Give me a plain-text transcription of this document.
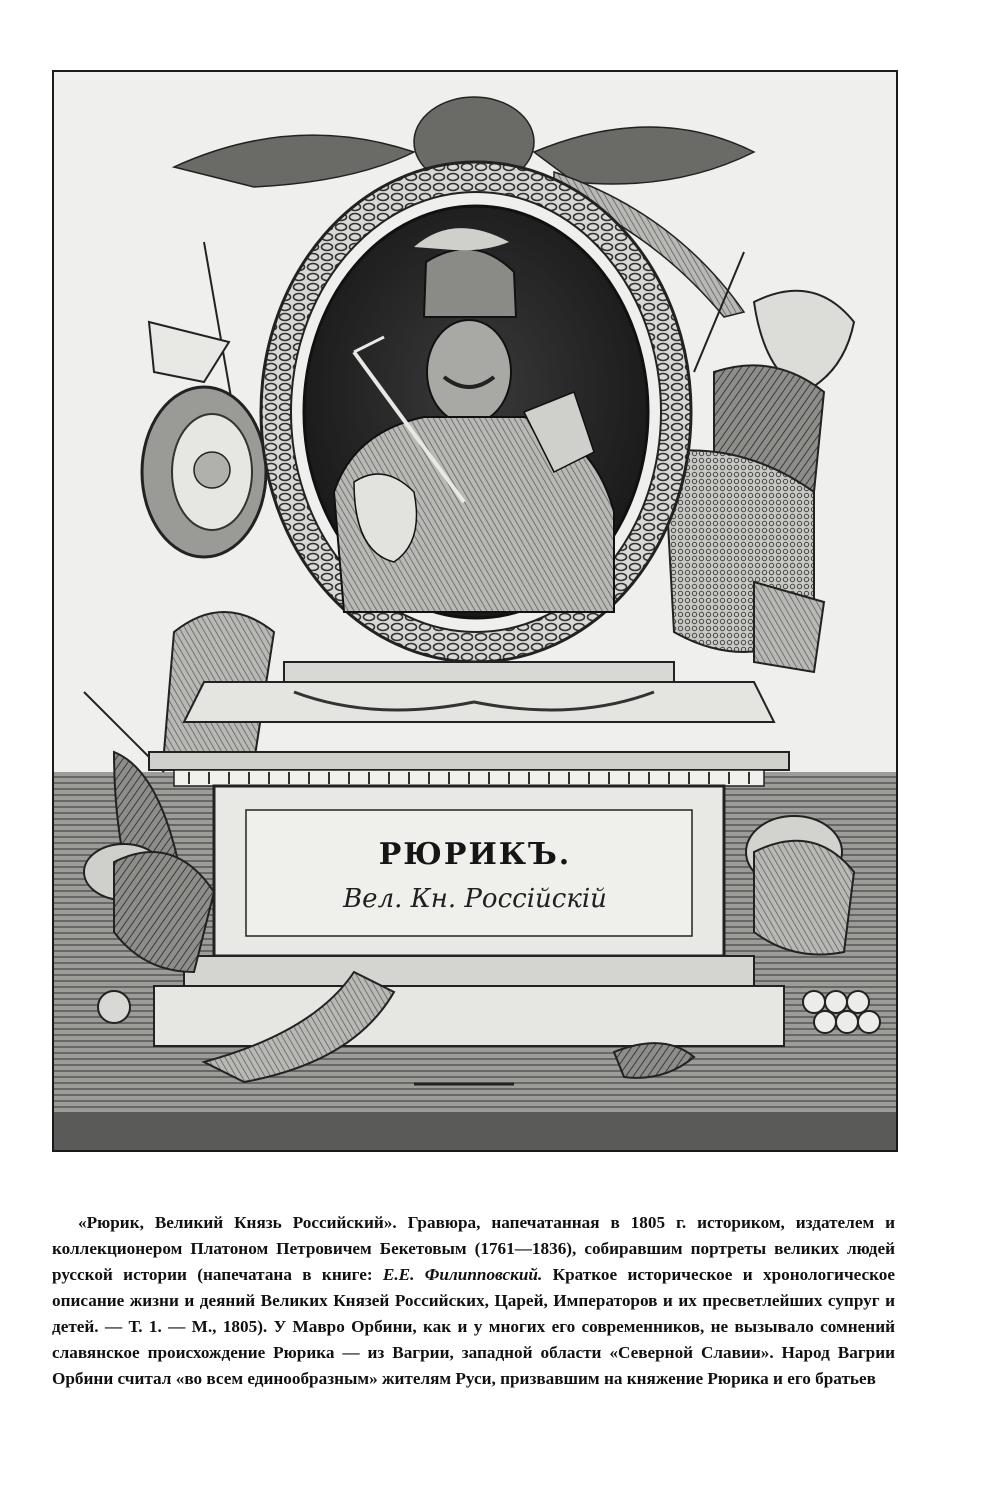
РЮРИКЪ.
Вел. Кн. Россiйскiй

«Рюрик, Великий Князь Российский». Гравюра, напечатанная в 1805 г. историком, издателем и коллекционером Платоном Петровичем Бекетовым (1761—1836), собиравшим портреты великих людей русской истории (напечатана в книге: Е.Е. Филипповский. Краткое историческое и хронологическое описание жизни и деяний Великих Князей Российских, Царей, Императоров и их пресветлейших супруг и детей. — Т. 1. — М., 1805). У Мавро Орбини, как и у многих его современников, не вызывало сомнений славянское происхождение Рюрика — из Вагрии, западной области «Северной Славии». Народ Вагрии Орбини считал «во всем единообразным» жителям Руси, призвавшим на княжение Рюрика и его братьев
